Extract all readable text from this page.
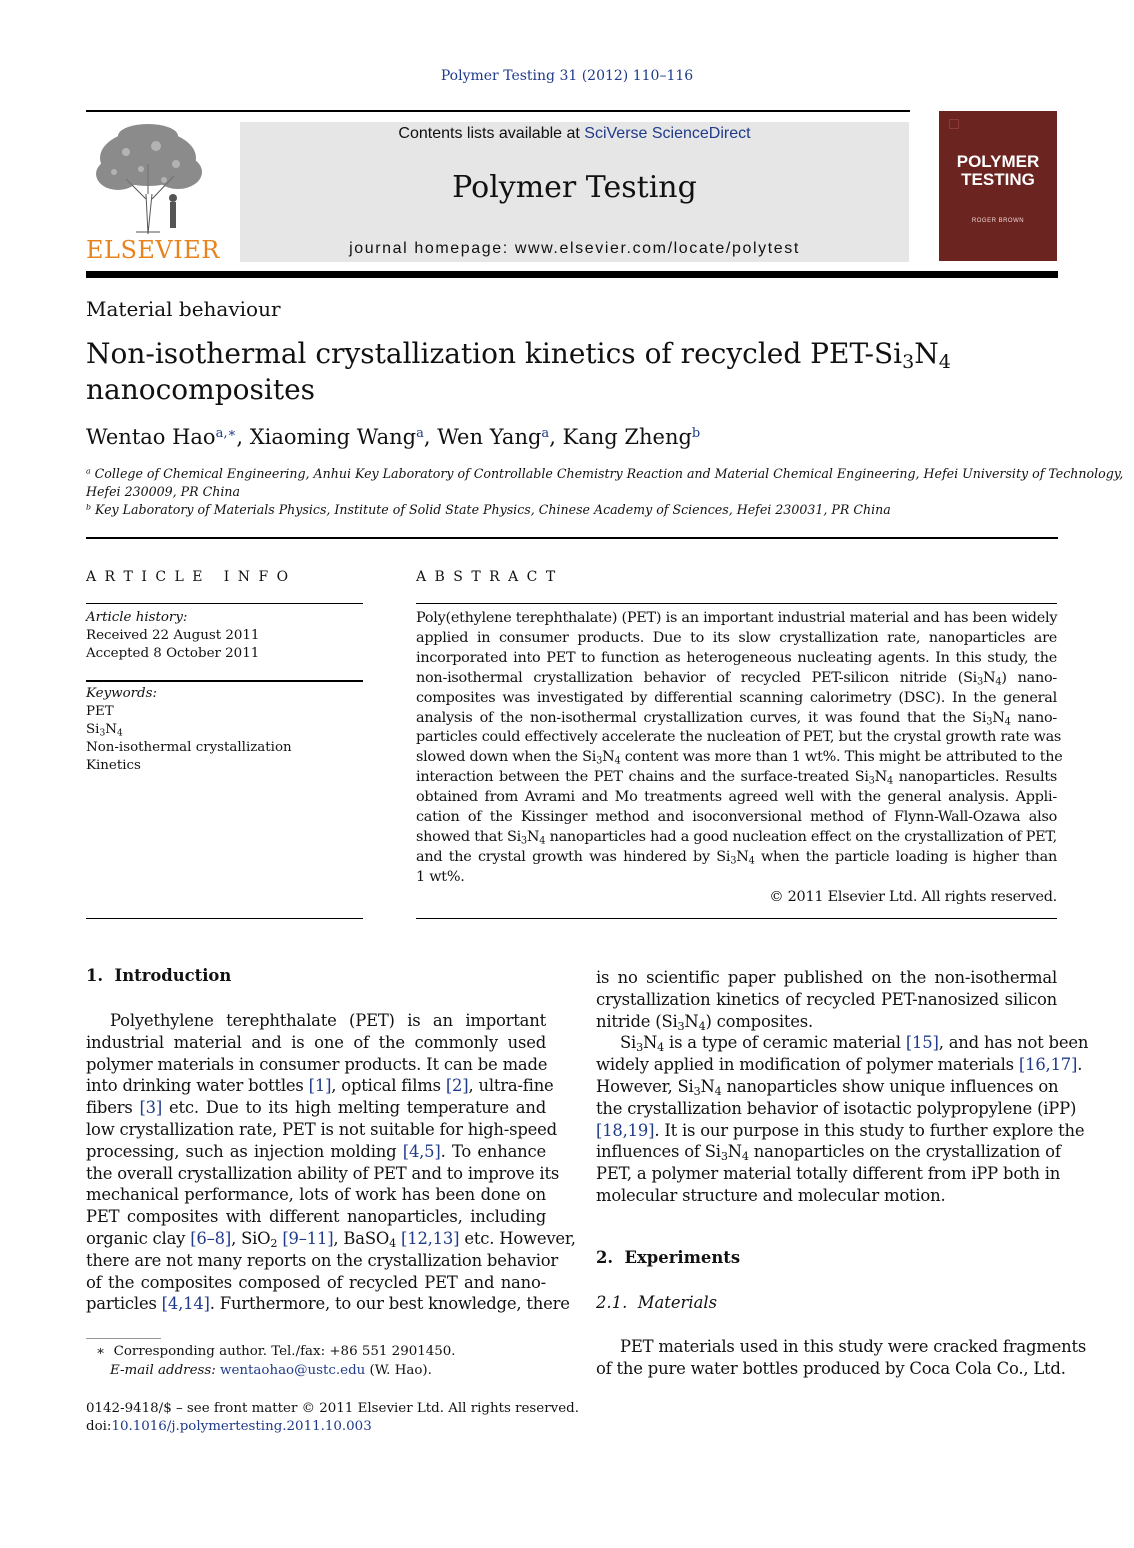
Polymer Testing 31 (2012) 110–116
ELSEVIER
Contents lists available at SciVerse ScienceDirect
Polymer Testing
journal homepage: www.elsevier.com/locate/polytest
POLYMER
TESTING
ROGER BROWN
Material behaviour
Non-isothermal crystallization kinetics of recycled PET-$Si_3N_4$
nanocomposites
Wentao Hao$^{a,∗}$, Xiaoming Wang$^a$, Wen Yang$^a$, Kang Zheng$^b$
$^a$ College of Chemical Engineering, Anhui Key Laboratory of Controllable Chemistry Reaction and Material Chemical Engineering, Hefei University of Technology,
Hefei 230009, PR China
$^b$ Key Laboratory of Materials Physics, Institute of Solid State Physics, Chinese Academy of Sciences, Hefei 230031, PR China
A R T I C L E   I N F O
Article history:
Received 22 August 2011
Accepted 8 October 2011
Keywords:
PET
$Si_3N_4$
Non-isothermal crystallization
Kinetics
A B S T R A C T
Poly(ethylene terephthalate) (PET) is an important industrial material and has been widely
applied in consumer products. Due to its slow crystallization rate, nanoparticles are
incorporated into PET to function as heterogeneous nucleating agents. In this study, the
non-isothermal crystallization behavior of recycled PET-silicon nitride $(Si_3N_4)$ nano-
composites was investigated by differential scanning calorimetry (DSC). In the general
analysis of the non-isothermal crystallization curves, it was found that the $Si_3N_4$ nano-
particles could effectively accelerate the nucleation of PET, but the crystal growth rate was
slowed down when the $Si_3N_4$ content was more than 1 wt%. This might be attributed to the
interaction between the PET chains and the surface-treated $Si_3N_4$ nanoparticles. Results
obtained from Avrami and Mo treatments agreed well with the general analysis. Appli-
cation of the Kissinger method and isoconversional method of Flynn-Wall-Ozawa also
showed that $Si_3N_4$ nanoparticles had a good nucleation effect on the crystallization of PET,
and the crystal growth was hindered by $Si_3N_4$ when the particle loading is higher than
1 wt%.
© 2011 Elsevier Ltd. All rights reserved.
1. Introduction
Polyethylene terephthalate (PET) is an important
industrial material and is one of the commonly used
polymer materials in consumer products. It can be made
into drinking water bottles [1], optical films [2], ultra-fine
fibers [3] etc. Due to its high melting temperature and
low crystallization rate, PET is not suitable for high-speed
processing, such as injection molding [4,5]. To enhance
the overall crystallization ability of PET and to improve its
mechanical performance, lots of work has been done on
PET composites with different nanoparticles, including
organic clay [6–8], SiO$_2$ [9–11], BaSO$_4$ [12,13] etc. However,
there are not many reports on the crystallization behavior
of the composites composed of recycled PET and nano-
particles [4,14]. Furthermore, to our best knowledge, there
∗ Corresponding author. Tel./fax: +86 551 2901450.
E-mail address: wentaohao@ustc.edu (W. Hao).
0142-9418/$ – see front matter © 2011 Elsevier Ltd. All rights reserved.
doi:10.1016/j.polymertesting.2011.10.003
is no scientific paper published on the non-isothermal
crystallization kinetics of recycled PET-nanosized silicon
nitride $(Si_3N_4)$ composites.
$Si_3N_4$ is a type of ceramic material [15], and has not been
widely applied in modification of polymer materials [16,17].
However, $Si_3N_4$ nanoparticles show unique influences on
the crystallization behavior of isotactic polypropylene (iPP)
[18,19]. It is our purpose in this study to further explore the
influences of $Si_3N_4$ nanoparticles on the crystallization of
PET, a polymer material totally different from iPP both in
molecular structure and molecular motion.
2. Experiments
2.1.  Materials
PET materials used in this study were cracked fragments
of the pure water bottles produced by Coca Cola Co., Ltd.
